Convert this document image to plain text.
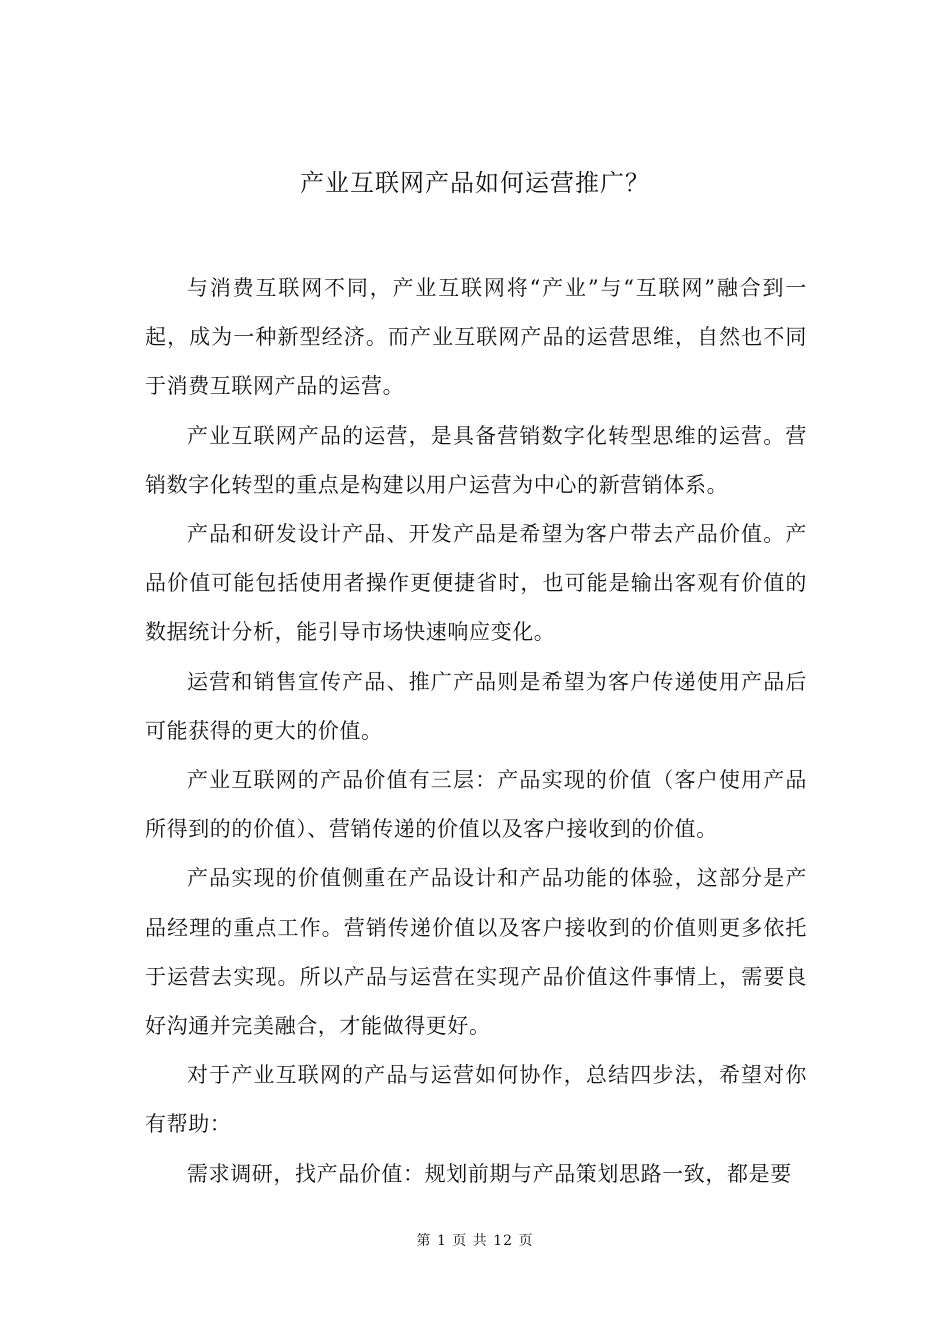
产业互联网产品如何运营推广？

与消费互联网不同，产业互联网将“产业”与“互联网”融合到一起，成为一种新型经济。而产业互联网产品的运营思维，自然也不同于消费互联网产品的运营。

产业互联网产品的运营，是具备营销数字化转型思维的运营。营销数字化转型的重点是构建以用户运营为中心的新营销体系。

产品和研发设计产品、开发产品是希望为客户带去产品价值。产品价值可能包括使用者操作更便捷省时，也可能是输出客观有价值的数据统计分析，能引导市场快速响应变化。

运营和销售宣传产品、推广产品则是希望为客户传递使用产品后可能获得的更大的价值。

产业互联网的产品价值有三层：产品实现的价值（客户使用产品所得到的的价值）、营销传递的价值以及客户接收到的价值。

产品实现的价值侧重在产品设计和产品功能的体验，这部分是产品经理的重点工作。营销传递价值以及客户接收到的价值则更多依托于运营去实现。所以产品与运营在实现产品价值这件事情上，需要良好沟通并完美融合，才能做得更好。

对于产业互联网的产品与运营如何协作，总结四步法，希望对你有帮助：

需求调研，找产品价值：规划前期与产品策划思路一致，都是要

第 1 页 共 12 页
